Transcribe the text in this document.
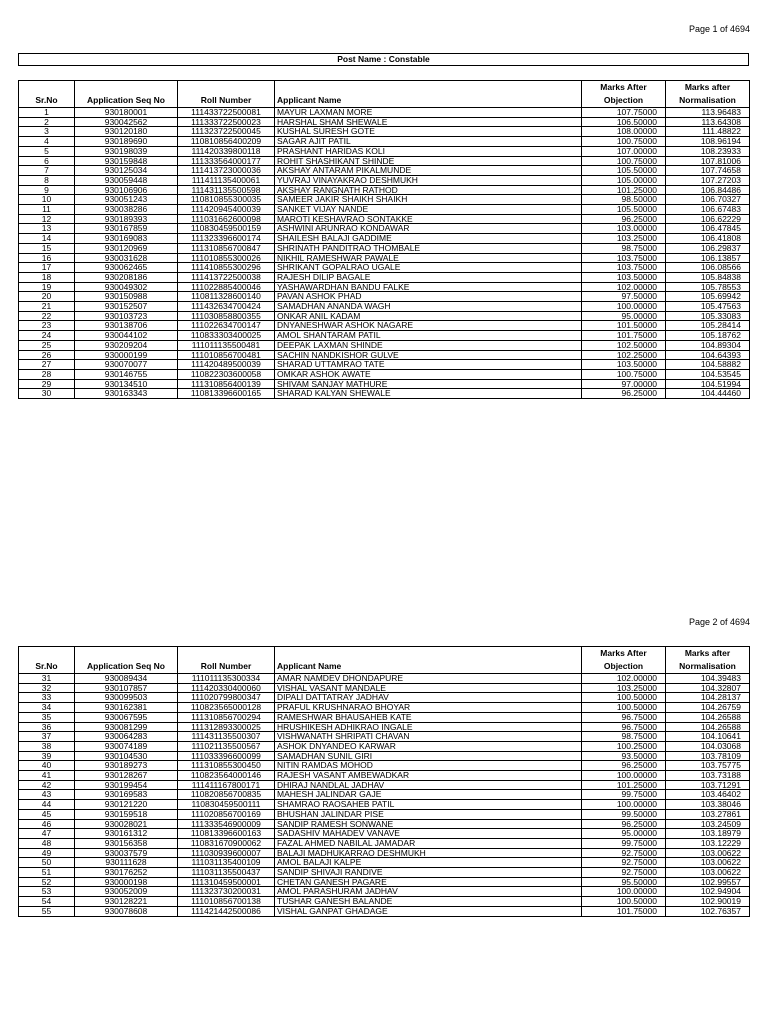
Page 1 of 4694
Post Name : Constable
Sr.No	Application Seq No	Roll Number	Applicant Name	Marks After Objection	Marks after Normalisation
1	930180001	111433722500081	MAYUR LAXMAN MORE	107.75000	113.96483
2	930042562	111333722500023	HARSHAL SHAM SHEWALE	106.50000	113.64308
3	930120180	111323722500045	KUSHAL SURESH GOTE	108.00000	111.48822
4	930189690	110810856400209	SAGAR AJIT PATIL	100.75000	108.96194
5	930198039	111420339800118	PRASHANT HARIDAS KOLI	107.00000	108.23933
6	930159848	111333564000177	ROHIT SHASHIKANT SHINDE	100.75000	107.81006
7	930125034	111413723000036	AKSHAY ANTARAM PIKALMUNDE	105.50000	107.74658
8	930059448	111411135400061	YUVRAJ VINAYAKRAO DESHMUKH	105.00000	107.27203
9	930106906	111431135500598	AKSHAY RANGNATH RATHOD	101.25000	106.84486
10	930051243	110810855300035	SAMEER JAKIR SHAIKH SHAIKH	98.50000	106.70327
11	930038286	111420945400039	SANKET VIJAY NANDE	105.50000	106.67483
12	930189393	111031662600098	MAROTI KESHAVRAO SONTAKKE	96.25000	106.62229
13	930167859	110830459500159	ASHWINI ARUNRAO KONDAWAR	103.00000	106.47845
14	930169083	111323396600174	SHAILESH BALAJI GADDIME	103.25000	106.41808
15	930120969	111310856700847	SHRINATH PANDITRAO THOMBALE	98.75000	106.29837
16	930031628	111010855300026	NIKHIL RAMESHWAR PAWALE	103.75000	106.13857
17	930062465	111410855300296	SHRIKANT GOPALRAO UGALE	103.75000	106.08566
18	930208186	111413722500038	RAJESH DILIP BAGALE	103.50000	105.84838
19	930049302	111022885400046	YASHAWARDHAN BANDU FALKE	102.00000	105.78553
20	930150988	110811328600140	PAVAN ASHOK PHAD	97.50000	105.69942
21	930152507	111432634700424	SAMADHAN ANANDA WAGH	100.00000	105.47563
22	930103723	111030858800355	ONKAR ANIL KADAM	95.00000	105.33083
23	930138706	111022634700147	DNYANESHWAR ASHOK NAGARE	101.50000	105.28414
24	930044102	110833303400025	AMOL SHANTARAM PATIL	101.75000	105.18762
25	930209204	111011135500481	DEEPAK LAXMAN SHINDE	102.50000	104.89304
26	930000199	111010856700481	SACHIN NANDKISHOR GULVE	102.25000	104.64393
27	930070077	111420489500039	SHARAD UTTAMRAO TATE	103.50000	104.58882
28	930146755	110822303600058	OMKAR ASHOK AWATE	100.75000	104.53545
29	930134510	111310856400139	SHIVAM SANJAY MATHURE	97.00000	104.51994
30	930163343	110813396600165	SHARAD KALYAN SHEWALE	96.25000	104.44460
Page 2 of 4694
Sr.No	Application Seq No	Roll Number	Applicant Name	Marks After Objection	Marks after Normalisation
31	930089434	111011135300334	AMAR NAMDEV DHONDAPURE	102.00000	104.39483
32	930107857	111420330400060	VISHAL VASANT MANDALE	103.25000	104.32807
33	930099503	111020799800347	DIPALI DATTATRAY JADHAV	100.50000	104.28137
34	930162381	110823565000128	PRAFUL KRUSHNARAO BHOYAR	100.50000	104.26759
35	930067595	111310856700294	RAMESHWAR BHAUSAHEB KATE	96.75000	104.26588
36	930081299	111312893300025	HRUSHIKESH ADHIKRAO INGALE	96.75000	104.26588
37	930064283	111431135500307	VISHWANATH SHRIPATI CHAVAN	98.75000	104.10641
38	930074189	111021135500567	ASHOK DNYANDEO KARWAR	100.25000	104.03068
39	930104530	111033396600099	SAMADHAN SUNIL GIRI	93.50000	103.78109
40	930189273	111310855300450	NITIN RAMDAS MOHOD	96.25000	103.75775
41	930128267	110823564000146	RAJESH VASANT AMBEWADKAR	100.00000	103.73188
42	930199454	111411167800171	DHIRAJ NANDLAL JADHAV	101.25000	103.71291
43	930169583	110820856700835	MAHESH JALINDAR GAJE	99.75000	103.46402
44	930121220	110830459500111	SHAMRAO RAOSAHEB PATIL	100.00000	103.38046
45	930159518	111020856700169	BHUSHAN JALINDAR PISE	99.50000	103.27861
46	930028021	111333546900009	SANDIP RAMESH SONWANE	96.25000	103.24509
47	930161312	110813396600163	SADASHIV MAHADEV VANAVE	95.00000	103.18979
48	930156358	110831670900062	FAZAL AHMED NABILAL JAMADAR	99.75000	103.12229
49	930037579	111030939600007	BALAJI MADHUKARRAO DESHMUKH	92.75000	103.00622
50	930111628	111031135400109	AMOL BALAJI KALPE	92.75000	103.00622
51	930176252	111031135500437	SANDIP SHIVAJI RANDIVE	92.75000	103.00622
52	930000198	111310459500001	CHETAN GANESH PAGARE	95.50000	102.99557
53	930052009	111323730200031	AMOL PARASHURAM JADHAV	100.00000	102.94904
54	930128221	111010856700138	TUSHAR GANESH BALANDE	100.50000	102.90019
55	930078608	111421442500086	VISHAL GANPAT GHADAGE	101.75000	102.76357
